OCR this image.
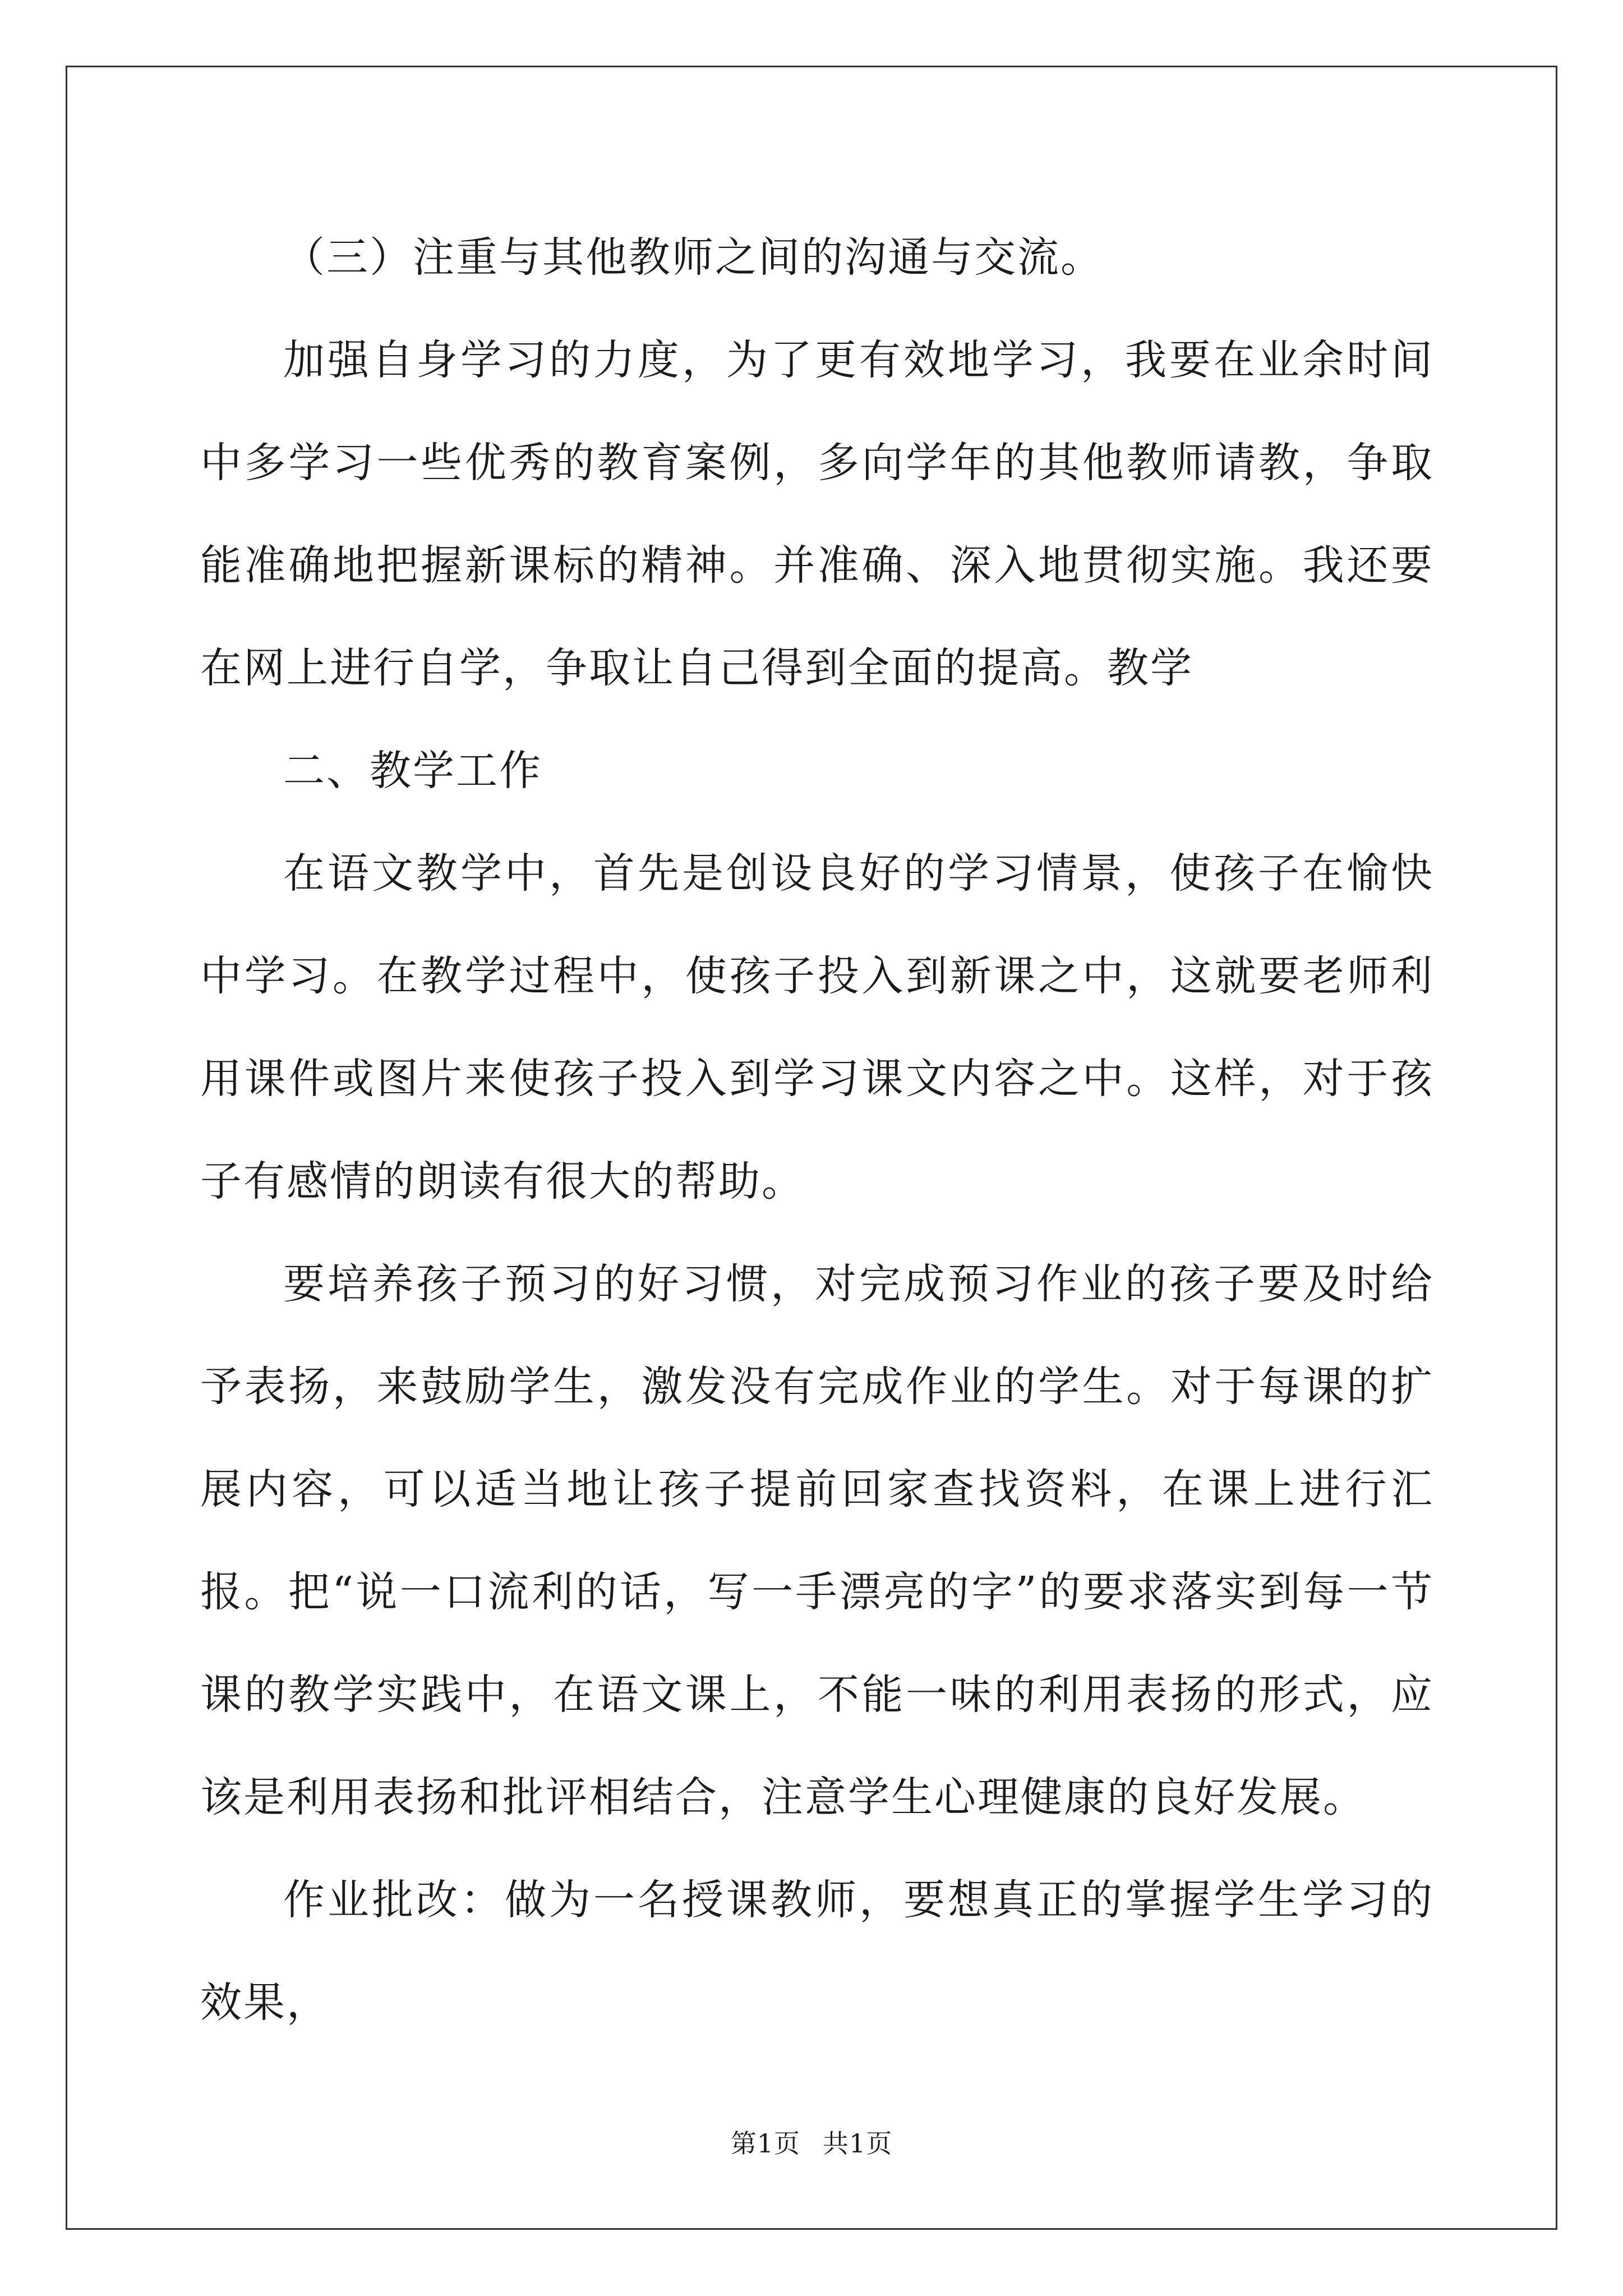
（三）注重与其他教师之间的沟通与交流。

加强自身学习的力度，为了更有效地学习，我要在业余时间中多学习一些优秀的教育案例，多向学年的其他教师请教，争取能准确地把握新课标的精神。并准确、深入地贯彻实施。我还要在网上进行自学，争取让自己得到全面的提高。教学

二、教学工作

在语文教学中，首先是创设良好的学习情景，使孩子在愉快中学习。在教学过程中，使孩子投入到新课之中，这就要老师利用课件或图片来使孩子投入到学习课文内容之中。这样，对于孩子有感情的朗读有很大的帮助。

要培养孩子预习的好习惯，对完成预习作业的孩子要及时给予表扬，来鼓励学生，激发没有完成作业的学生。对于每课的扩展内容，可以适当地让孩子提前回家查找资料，在课上进行汇报。把“说一口流利的话，写一手漂亮的字”的要求落实到每一节课的教学实践中，在语文课上，不能一味的利用表扬的形式，应该是利用表扬和批评相结合，注意学生心理健康的良好发展。

作业批改：做为一名授课教师，要想真正的掌握学生学习的效果，

第1页 共1页
